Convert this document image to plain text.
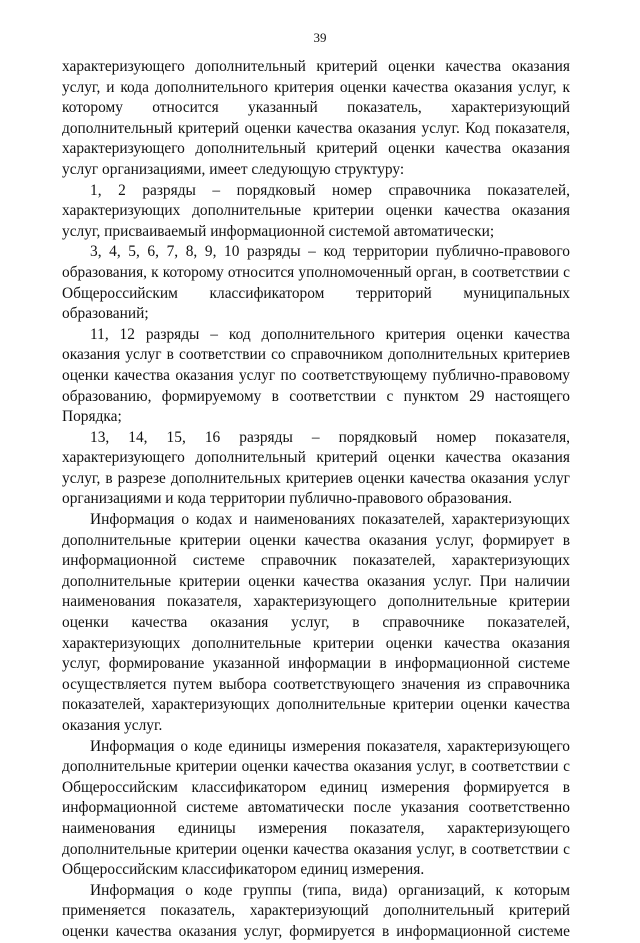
39

характеризующего дополнительный критерий оценки качества оказания услуг, и кода дополнительного критерия оценки качества оказания услуг, к которому относится указанный показатель, характеризующий дополнительный критерий оценки качества оказания услуг. Код показателя, характеризующего дополнительный критерий оценки качества оказания услуг организациями, имеет следующую структуру:

1, 2 разряды – порядковый номер справочника показателей, характеризующих дополнительные критерии оценки качества оказания услуг, присваиваемый информационной системой автоматически;

3, 4, 5, 6, 7, 8, 9, 10 разряды – код территории публично-правового образования, к которому относится уполномоченный орган, в соответствии с Общероссийским классификатором территорий муниципальных образований;

11, 12 разряды – код дополнительного критерия оценки качества оказания услуг в соответствии со справочником дополнительных критериев оценки качества оказания услуг по соответствующему публично-правовому образованию, формируемому в соответствии с пунктом 29 настоящего Порядка;

13, 14, 15, 16 разряды – порядковый номер показателя, характеризующего дополнительный критерий оценки качества оказания услуг, в разрезе дополнительных критериев оценки качества оказания услуг организациями и кода территории публично-правового образования.

Информация о кодах и наименованиях показателей, характеризующих дополнительные критерии оценки качества оказания услуг, формирует в информационной системе справочник показателей, характеризующих дополнительные критерии оценки качества оказания услуг. При наличии наименования показателя, характеризующего дополнительные критерии оценки качества оказания услуг, в справочнике показателей, характеризующих дополнительные критерии оценки качества оказания услуг, формирование указанной информации в информационной системе осуществляется путем выбора соответствующего значения из справочника показателей, характеризующих дополнительные критерии оценки качества оказания услуг.

Информация о коде единицы измерения показателя, характеризующего дополнительные критерии оценки качества оказания услуг, в соответствии с Общероссийским классификатором единиц измерения формируется в информационной системе автоматически после указания соответственно наименования единицы измерения показателя, характеризующего дополнительные критерии оценки качества оказания услуг, в соответствии с Общероссийским классификатором единиц измерения.

Информация о коде группы (типа, вида) организаций, к которым применяется показатель, характеризующий дополнительный критерий оценки качества оказания услуг, формируется в информационной системе
